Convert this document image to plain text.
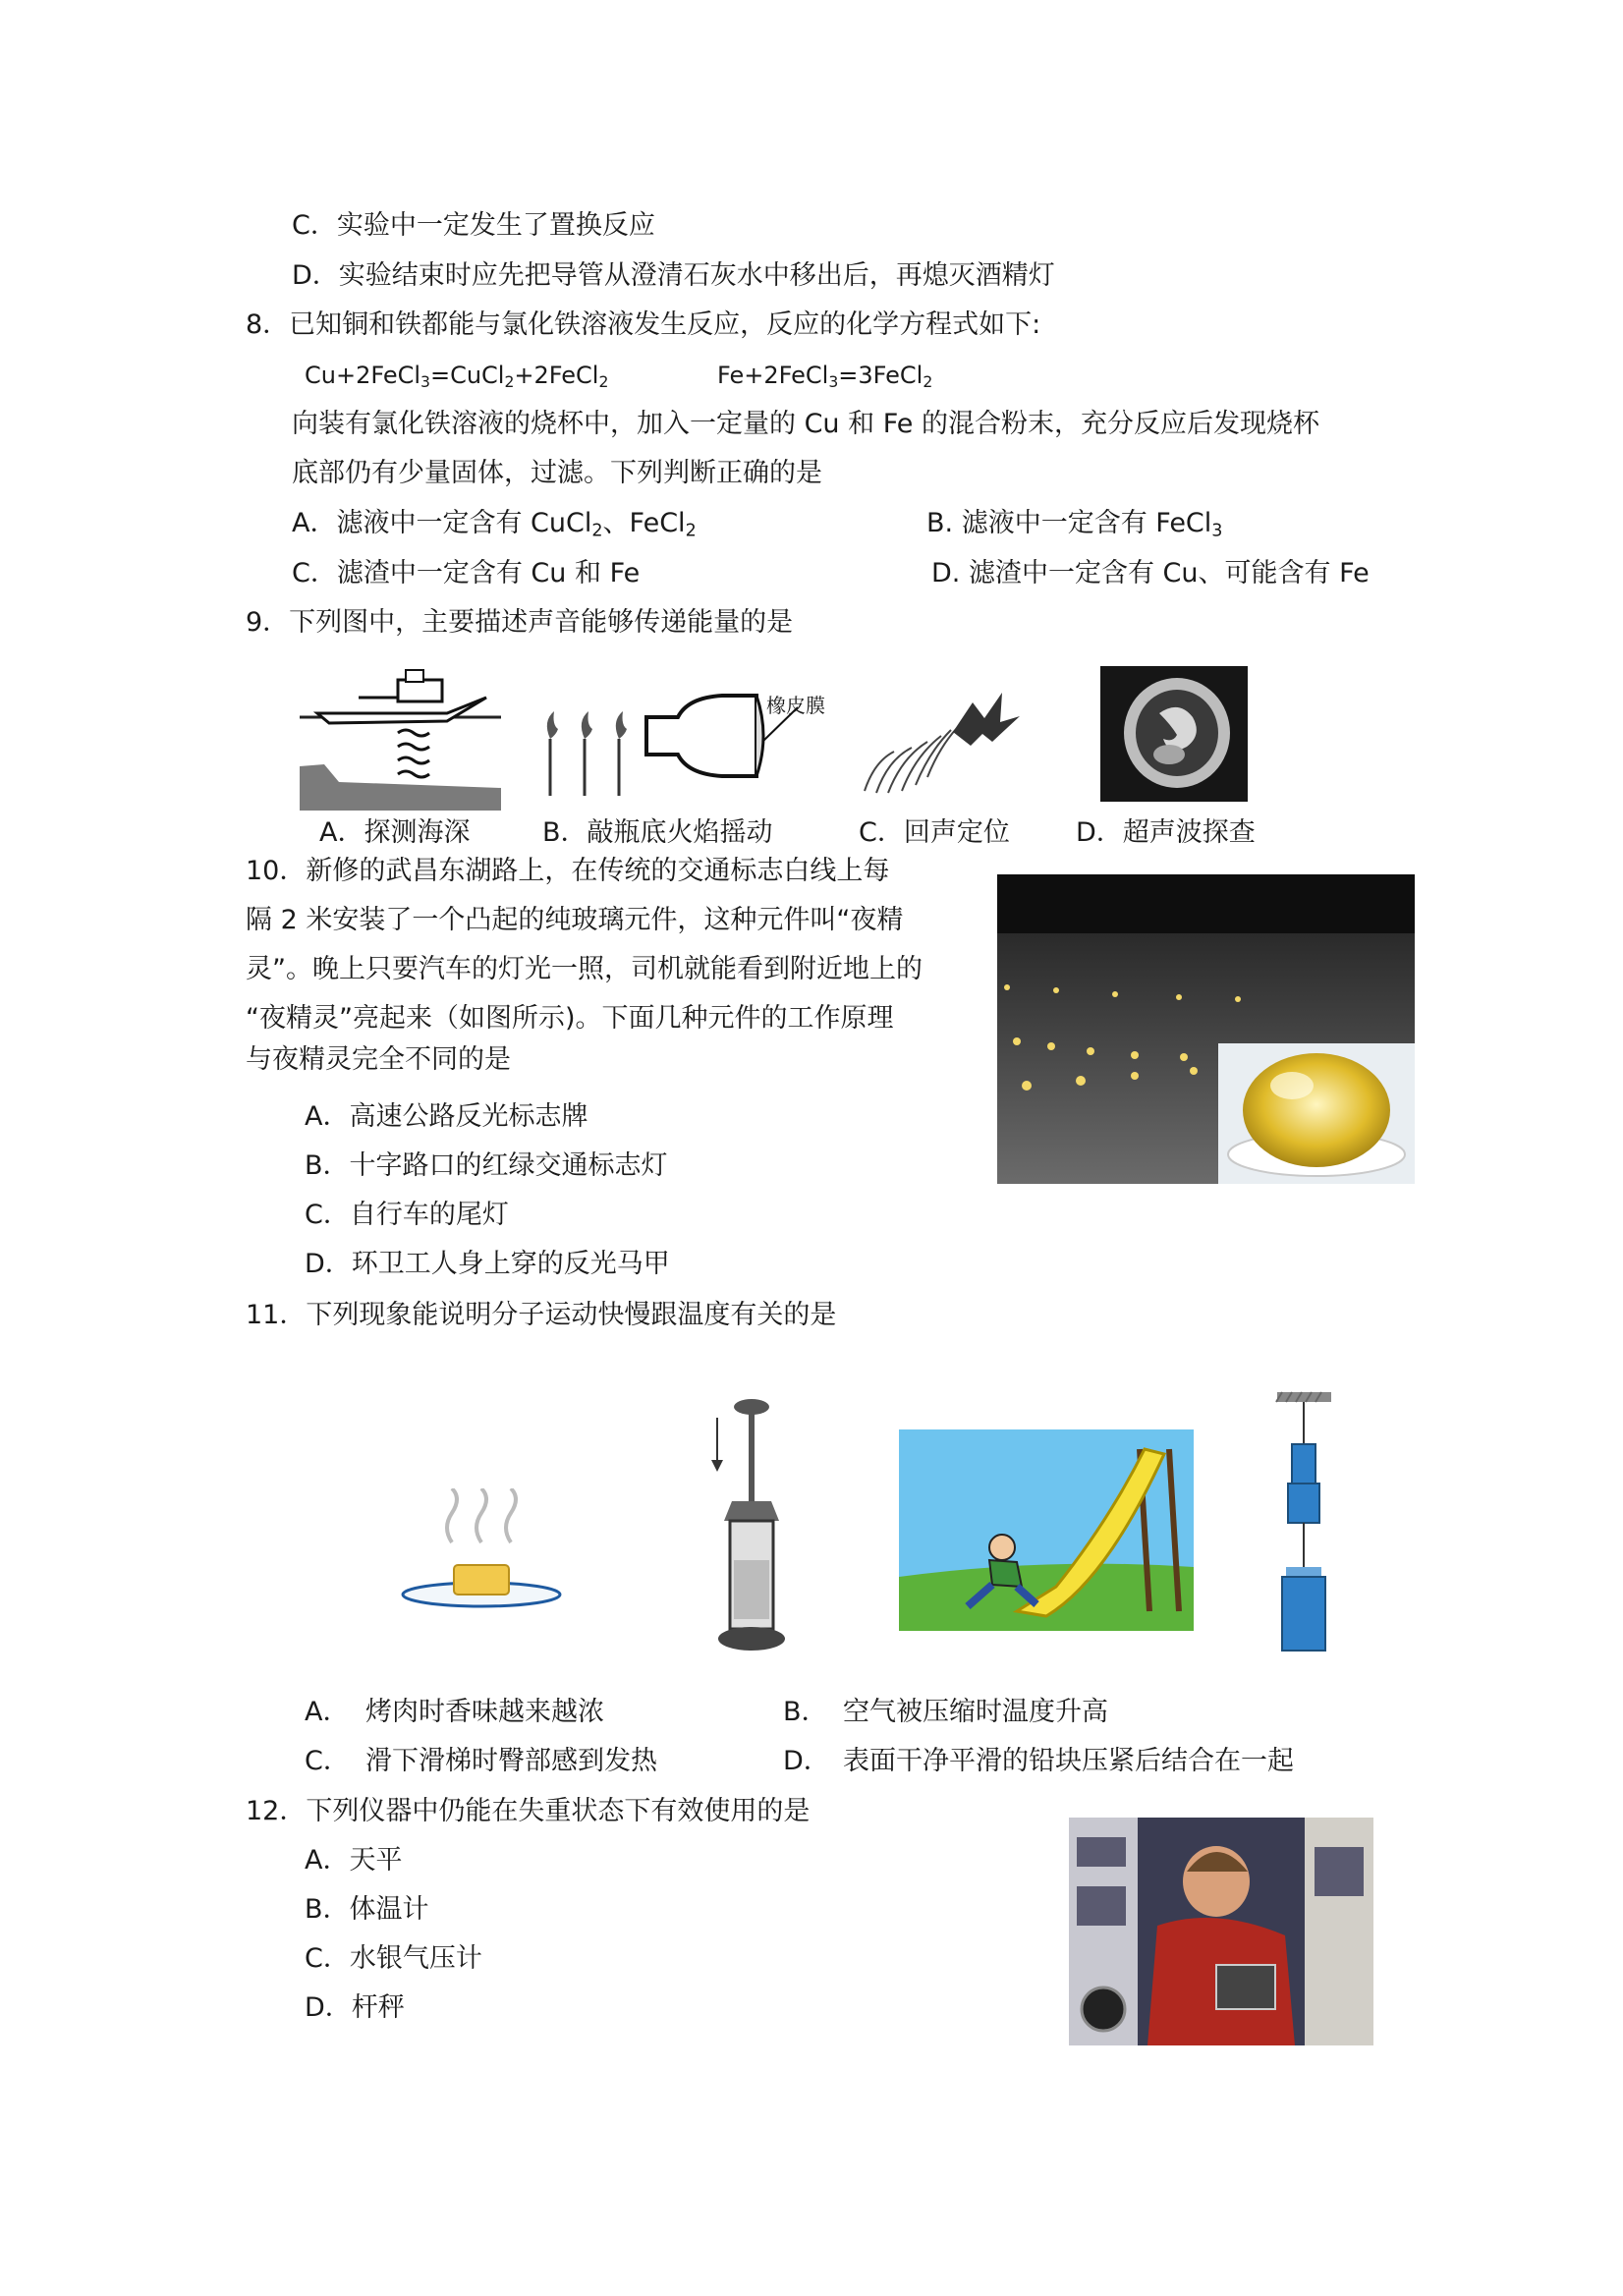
C．实验中一定发生了置换反应
D．实验结束时应先把导管从澄清石灰水中移出后，再熄灭酒精灯
8．已知铜和铁都能与氯化铁溶液发生反应，反应的化学方程式如下:
Cu+2FeCl$_3$=CuCl$_2$+2FeCl$_2$	Fe+2FeCl$_3$=3FeCl$_2$
向装有氯化铁溶液的烧杯中，加入一定量的 Cu 和 Fe 的混合粉末，充分反应后发现烧杯
底部仍有少量固体，过滤。下列判断正确的是
A．滤液中一定含有 CuCl$_2$、FeCl$_2$	B. 滤液中一定含有 FeCl$_3$
C．滤渣中一定含有 Cu 和 Fe	D. 滤渣中一定含有 Cu、可能含有 Fe
9．下列图中，主要描述声音能够传递能量的是
橡皮膜
A．探测海深	B．敲瓶底火焰摇动	C．回声定位 D．超声波探查
10．新修的武昌东湖路上，在传统的交通标志白线上每
隔 2 米安装了一个凸起的纯玻璃元件，这种元件叫“夜精
灵”。晚上只要汽车的灯光一照，司机就能看到附近地上的
“夜精灵”亮起来（如图所示)。下面几种元件的工作原理
与夜精灵完全不同的是
A．高速公路反光标志牌
B．十字路口的红绿交通标志灯
C．自行车的尾灯
D．环卫工人身上穿的反光马甲
11．下列现象能说明分子运动快慢跟温度有关的是
A． 烤肉时香味越来越浓	B． 空气被压缩时温度升高
C． 滑下滑梯时臀部感到发热	D． 表面干净平滑的铅块压紧后结合在一起
12．下列仪器中仍能在失重状态下有效使用的是
A．天平
B．体温计
C．水银气压计
D．杆秤
